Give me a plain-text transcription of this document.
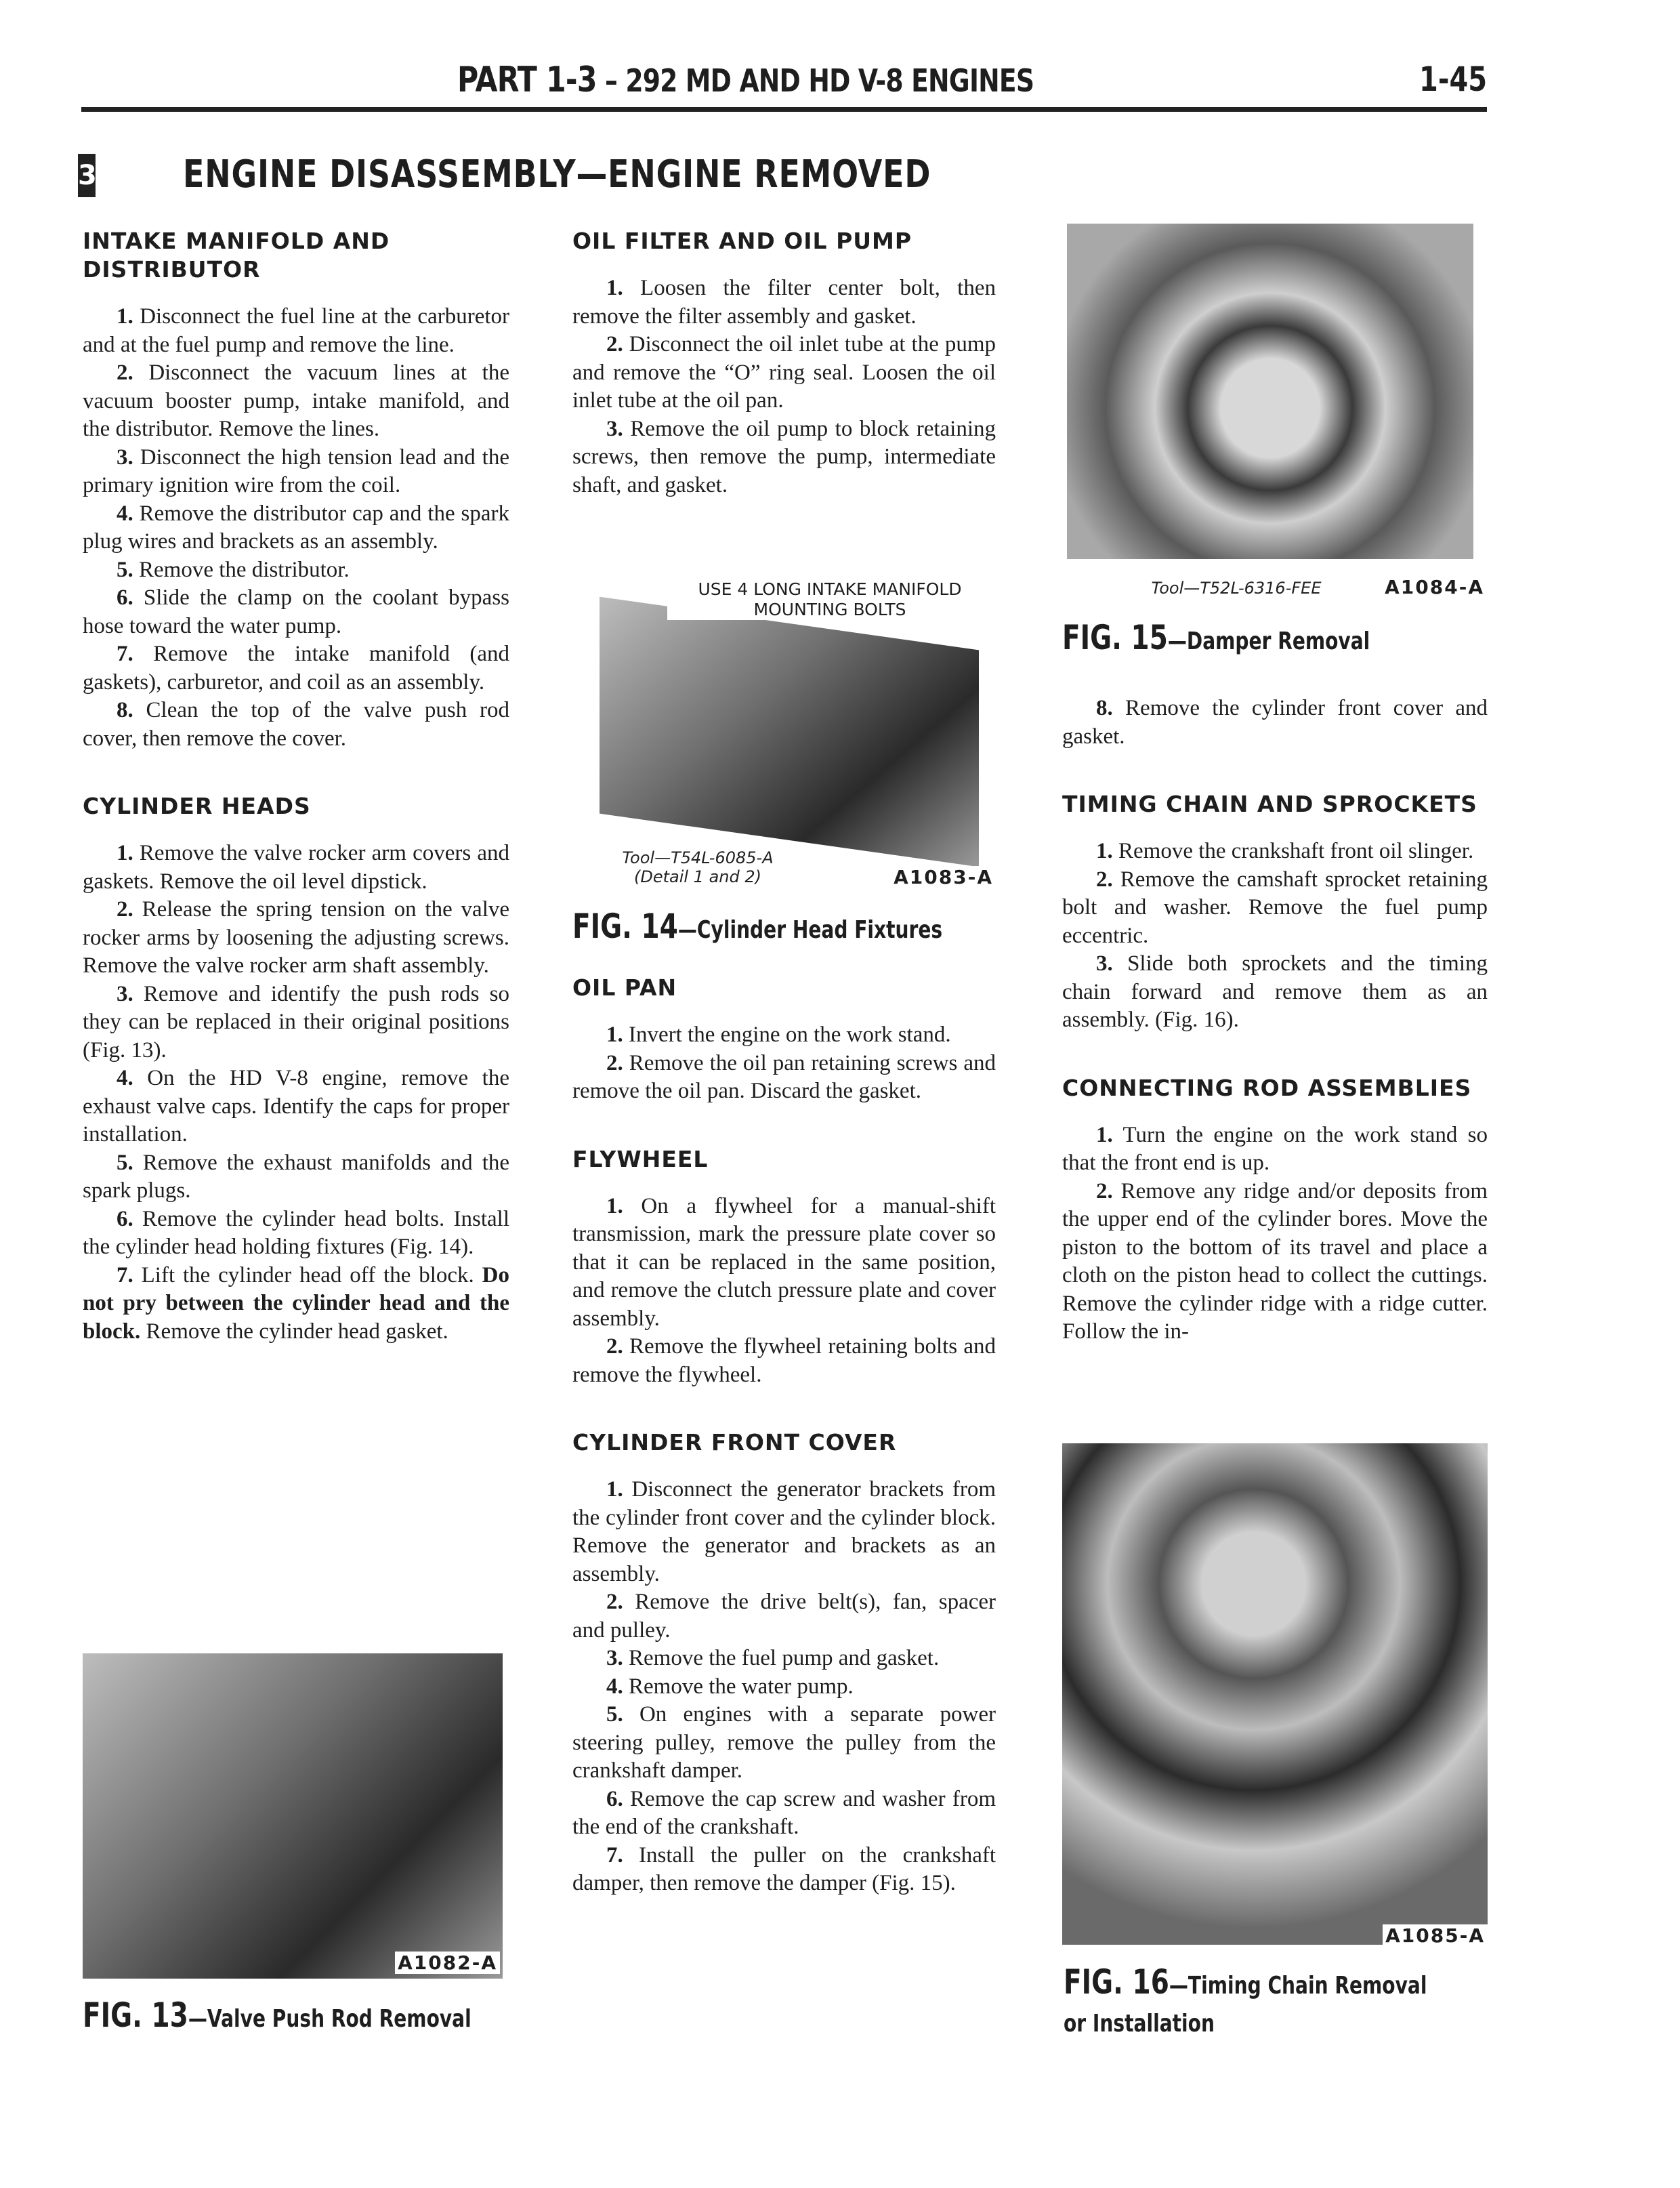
PART 1-3 – 292 MD AND HD V-8 ENGINES	1-45
3 ENGINE DISASSEMBLY—ENGINE REMOVED
INTAKE MANIFOLD AND DISTRIBUTOR

1. Disconnect the fuel line at the carburetor and at the fuel pump and remove the line.

2. Disconnect the vacuum lines at the vacuum booster pump, intake manifold, and the distributor. Remove the lines.

3. Disconnect the high tension lead and the primary ignition wire from the coil.

4. Remove the distributor cap and the spark plug wires and brackets as an assembly.

5. Remove the distributor.

6. Slide the clamp on the coolant bypass hose toward the water pump.

7. Remove the intake manifold (and gaskets), carburetor, and coil as an assembly.

8. Clean the top of the valve push rod cover, then remove the cover.

CYLINDER HEADS

1. Remove the valve rocker arm covers and gaskets. Remove the oil level dipstick.

2. Release the spring tension on the valve rocker arms by loosening the adjusting screws. Remove the valve rocker arm shaft assembly.

3. Remove and identify the push rods so they can be replaced in their original positions (Fig. 13).

4. On the HD V-8 engine, remove the exhaust valve caps. Identify the caps for proper installation.

5. Remove the exhaust manifolds and the spark plugs.

6. Remove the cylinder head bolts. Install the cylinder head holding fixtures (Fig. 14).

7. Lift the cylinder head off the block. Do not pry between the cylinder head and the block. Remove the cylinder head gasket.

A1082-A
FIG. 13—Valve Push Rod Removal
OIL FILTER AND OIL PUMP

1. Loosen the filter center bolt, then remove the filter assembly and gasket.

2. Disconnect the oil inlet tube at the pump and remove the “O” ring seal. Loosen the oil inlet tube at the oil pan.

3. Remove the oil pump to block retaining screws, then remove the pump, intermediate shaft, and gasket.

USE 4 LONG INTAKE MANIFOLD MOUNTING BOLTS
Tool—T54L-6085-A
(Detail 1 and 2)	A1083-A
FIG. 14—Cylinder Head Fixtures
OIL PAN

1. Invert the engine on the work stand.

2. Remove the oil pan retaining screws and remove the oil pan. Discard the gasket.

FLYWHEEL

1. On a flywheel for a manual-shift transmission, mark the pressure plate cover so that it can be replaced in the same position, and remove the clutch pressure plate and cover assembly.

2. Remove the flywheel retaining bolts and remove the flywheel.

CYLINDER FRONT COVER

1. Disconnect the generator brackets from the cylinder front cover and the cylinder block. Remove the generator and brackets as an assembly.

2. Remove the drive belt(s), fan, spacer and pulley.

3. Remove the fuel pump and gasket.

4. Remove the water pump.

5. On engines with a separate power steering pulley, remove the pulley from the crankshaft damper.

6. Remove the cap screw and washer from the end of the crankshaft.

7. Install the puller on the crankshaft damper, then remove the damper (Fig. 15).

Tool—T52L-6316-FEE	A1084-A
FIG. 15—Damper Removal

8. Remove the cylinder front cover and gasket.

TIMING CHAIN AND SPROCKETS

1. Remove the crankshaft front oil slinger.

2. Remove the camshaft sprocket retaining bolt and washer. Remove the fuel pump eccentric.

3. Slide both sprockets and the timing chain forward and remove them as an assembly. (Fig. 16).

CONNECTING ROD ASSEMBLIES

1. Turn the engine on the work stand so that the front end is up.

2. Remove any ridge and/or deposits from the upper end of the cylinder bores. Move the piston to the bottom of its travel and place a cloth on the piston head to collect the cuttings. Remove the cylinder ridge with a ridge cutter. Follow the in-

A1085-A
FIG. 16—Timing Chain Removal
or Installation
